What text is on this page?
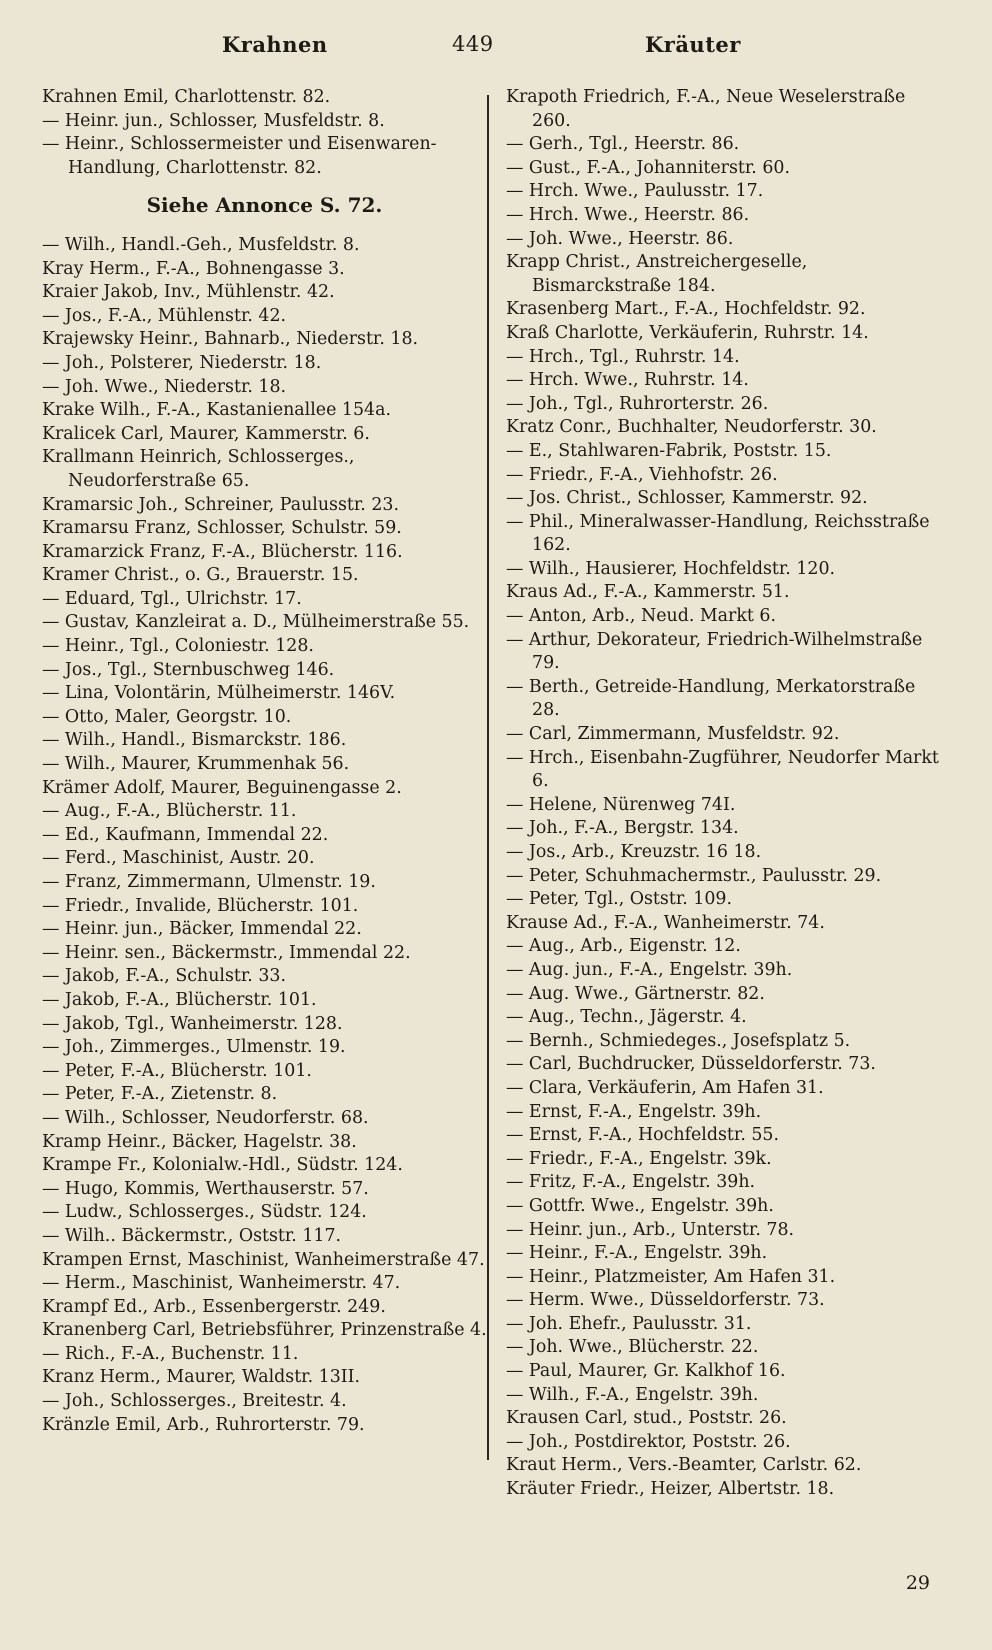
Krahnen	449	Kräuter

Krahnen Emil, Charlottenstr. 82.

— Heinr. jun., Schlosser, Musfeldstr. 8.

— Heinr., Schlossermeister und Eisenwaren-Handlung, Charlottenstr. 82.

Siehe Annonce S. 72.

— Wilh., Handl.-Geh., Musfeldstr. 8.

Kray Herm., F.-A., Bohnengasse 3.

Kraier Jakob, Inv., Mühlenstr. 42.

— Jos., F.-A., Mühlenstr. 42.

Krajewsky Heinr., Bahnarb., Niederstr. 18.

— Joh., Polsterer, Niederstr. 18.

— Joh. Wwe., Niederstr. 18.

Krake Wilh., F.-A., Kastanienallee 154a.

Kralicek Carl, Maurer, Kammerstr. 6.

Krallmann Heinrich, Schlosserges., Neudorferstraße 65.

Kramarsic Joh., Schreiner, Paulusstr. 23.

Kramarsu Franz, Schlosser, Schulstr. 59.

Kramarzick Franz, F.-A., Blücherstr. 116.

Kramer Christ., o. G., Brauerstr. 15.

— Eduard, Tgl., Ulrichstr. 17.

— Gustav, Kanzleirat a. D., Mülheimerstraße 55.

— Heinr., Tgl., Coloniestr. 128.

— Jos., Tgl., Sternbuschweg 146.

— Lina, Volontärin, Mülheimerstr. 146V.

— Otto, Maler, Georgstr. 10.

— Wilh., Handl., Bismarckstr. 186.

— Wilh., Maurer, Krummenhak 56.

Krämer Adolf, Maurer, Beguinengasse 2.

— Aug., F.-A., Blücherstr. 11.

— Ed., Kaufmann, Immendal 22.

— Ferd., Maschinist, Austr. 20.

— Franz, Zimmermann, Ulmenstr. 19.

— Friedr., Invalide, Blücherstr. 101.

— Heinr. jun., Bäcker, Immendal 22.

— Heinr. sen., Bäckermstr., Immendal 22.

— Jakob, F.-A., Schulstr. 33.

— Jakob, F.-A., Blücherstr. 101.

— Jakob, Tgl., Wanheimerstr. 128.

— Joh., Zimmerges., Ulmenstr. 19.

— Peter, F.-A., Blücherstr. 101.

— Peter, F.-A., Zietenstr. 8.

— Wilh., Schlosser, Neudorferstr. 68.

Kramp Heinr., Bäcker, Hagelstr. 38.

Krampe Fr., Kolonialw.-Hdl., Südstr. 124.

— Hugo, Kommis, Werthauserstr. 57.

— Ludw., Schlosserges., Südstr. 124.

— Wilh.. Bäckermstr., Oststr. 117.

Krampen Ernst, Maschinist, Wanheimerstraße 47.

— Herm., Maschinist, Wanheimerstr. 47.

Krampf Ed., Arb., Essenbergerstr. 249.

Kranenberg Carl, Betriebsführer, Prinzenstraße 4.

— Rich., F.-A., Buchenstr. 11.

Kranz Herm., Maurer, Waldstr. 13II.

— Joh., Schlosserges., Breitestr. 4.

Kränzle Emil, Arb., Ruhrorterstr. 79.

Krapoth Friedrich, F.-A., Neue Weselerstraße 260.

— Gerh., Tgl., Heerstr. 86.

— Gust., F.-A., Johanniterstr. 60.

— Hrch. Wwe., Paulusstr. 17.

— Hrch. Wwe., Heerstr. 86.

— Joh. Wwe., Heerstr. 86.

Krapp Christ., Anstreichergeselle, Bismarckstraße 184.

Krasenberg Mart., F.-A., Hochfeldstr. 92.

Kraß Charlotte, Verkäuferin, Ruhrstr. 14.

— Hrch., Tgl., Ruhrstr. 14.

— Hrch. Wwe., Ruhrstr. 14.

— Joh., Tgl., Ruhrorterstr. 26.

Kratz Conr., Buchhalter, Neudorferstr. 30.

— E., Stahlwaren-Fabrik, Poststr. 15.

— Friedr., F.-A., Viehhofstr. 26.

— Jos. Christ., Schlosser, Kammerstr. 92.

— Phil., Mineralwasser-Handlung, Reichsstraße 162.

— Wilh., Hausierer, Hochfeldstr. 120.

Kraus Ad., F.-A., Kammerstr. 51.

— Anton, Arb., Neud. Markt 6.

— Arthur, Dekorateur, Friedrich-Wilhelmstraße 79.

— Berth., Getreide-Handlung, Merkatorstraße 28.

— Carl, Zimmermann, Musfeldstr. 92.

— Hrch., Eisenbahn-Zugführer, Neudorfer Markt 6.

— Helene, Nürenweg 74I.

— Joh., F.-A., Bergstr. 134.

— Jos., Arb., Kreuzstr. 16 18.

— Peter, Schuhmachermstr., Paulusstr. 29.

— Peter, Tgl., Oststr. 109.

Krause Ad., F.-A., Wanheimerstr. 74.

— Aug., Arb., Eigenstr. 12.

— Aug. jun., F.-A., Engelstr. 39h.

— Aug. Wwe., Gärtnerstr. 82.

— Aug., Techn., Jägerstr. 4.

— Bernh., Schmiedeges., Josefsplatz 5.

— Carl, Buchdrucker, Düsseldorferstr. 73.

— Clara, Verkäuferin, Am Hafen 31.

— Ernst, F.-A., Engelstr. 39h.

— Ernst, F.-A., Hochfeldstr. 55.

— Friedr., F.-A., Engelstr. 39k.

— Fritz, F.-A., Engelstr. 39h.

— Gottfr. Wwe., Engelstr. 39h.

— Heinr. jun., Arb., Unterstr. 78.

— Heinr., F.-A., Engelstr. 39h.

— Heinr., Platzmeister, Am Hafen 31.

— Herm. Wwe., Düsseldorferstr. 73.

— Joh. Ehefr., Paulusstr. 31.

— Joh. Wwe., Blücherstr. 22.

— Paul, Maurer, Gr. Kalkhof 16.

— Wilh., F.-A., Engelstr. 39h.

Krausen Carl, stud., Poststr. 26.

— Joh., Postdirektor, Poststr. 26.

Kraut Herm., Vers.-Beamter, Carlstr. 62.

Kräuter Friedr., Heizer, Albertstr. 18.

29
